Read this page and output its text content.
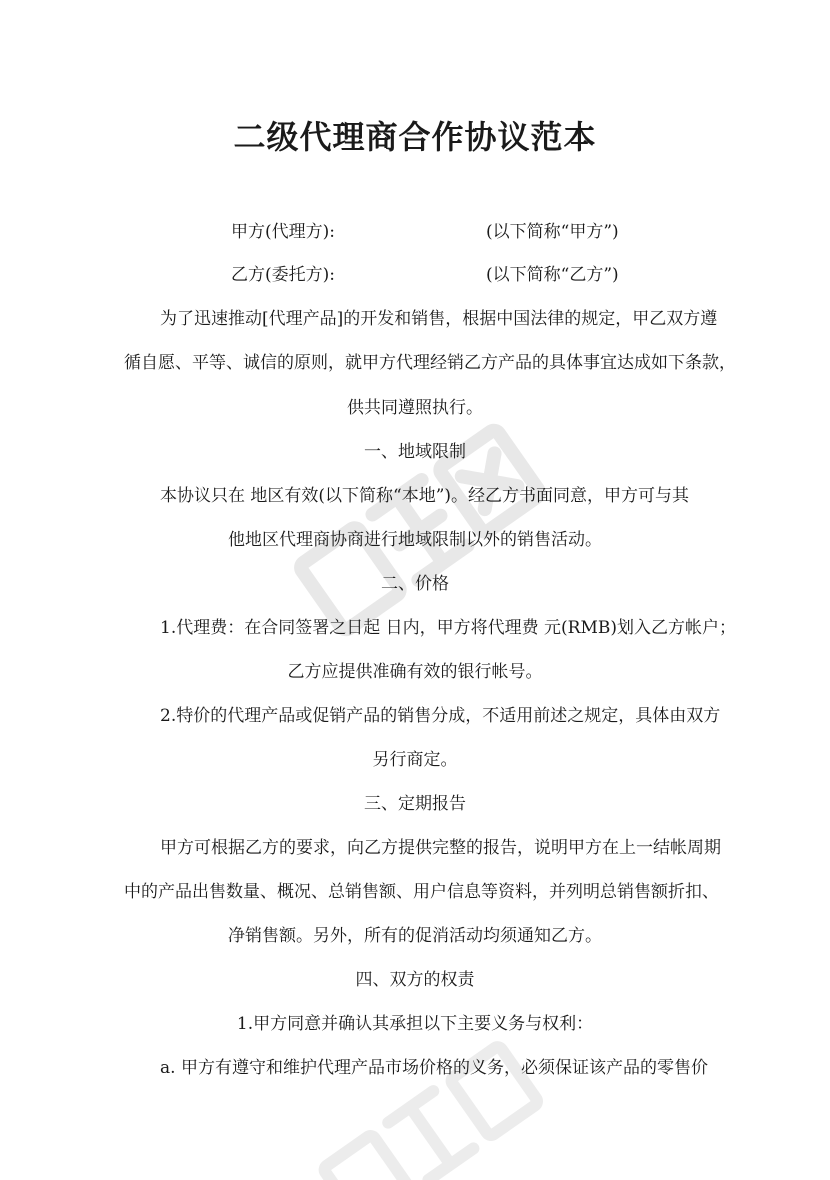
二级代理商合作协议范本
甲方(代理方):	(以下简称“甲方”)
乙方(委托方):	(以下简称“乙方”)
为了迅速推动[代理产品]的开发和销售，根据中国法律的规定，甲乙双方遵
循自愿、平等、诚信的原则，就甲方代理经销乙方产品的具体事宜达成如下条款，
供共同遵照执行。
一、地域限制
本协议只在 地区有效(以下简称“本地”)。经乙方书面同意，甲方可与其
他地区代理商协商进行地域限制以外的销售活动。
二、价格
1.代理费：在合同签署之日起 日内，甲方将代理费 元(RMB)划入乙方帐户；
乙方应提供准确有效的银行帐号。
2.特价的代理产品或促销产品的销售分成，不适用前述之规定，具体由双方
另行商定。
三、定期报告
甲方可根据乙方的要求，向乙方提供完整的报告，说明甲方在上一结帐周期
中的产品出售数量、概况、总销售额、用户信息等资料，并列明总销售额折扣、
净销售额。另外，所有的促消活动均须通知乙方。
四、双方的权责
1.甲方同意并确认其承担以下主要义务与权利：
a. 甲方有遵守和维护代理产品市场价格的义务，必须保证该产品的零售价
